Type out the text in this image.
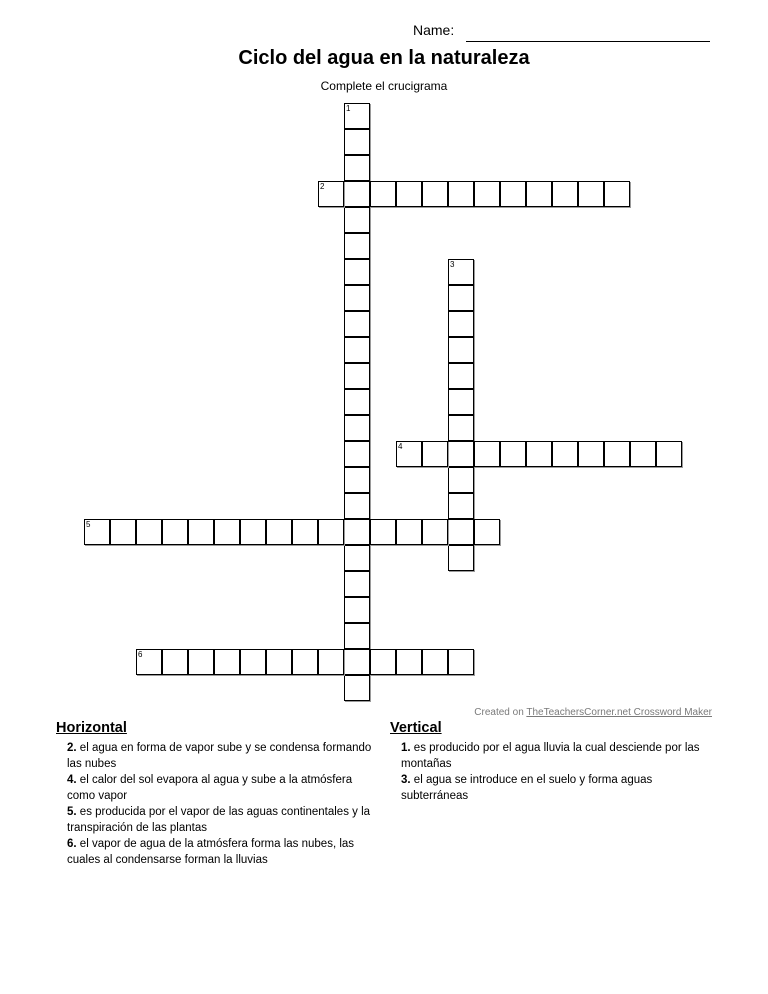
Name:
Ciclo del agua en la naturaleza
Complete el crucigrama
1
2
3
4
5
6
Created on TheTeachersCorner.net Crossword Maker
Horizontal

2. el agua en forma de vapor sube y se condensa formando las nubes

4. el calor del sol evapora al agua y sube a la atmósfera como vapor

5. es producida por el vapor de las aguas continentales y la transpiración de las plantas

6. el vapor de agua de la atmósfera forma las nubes, las cuales al condensarse forman la lluvias

Vertical

1. es producido por el agua lluvia la cual desciende por las montañas

3. el agua se introduce en el suelo y forma aguas subterráneas
